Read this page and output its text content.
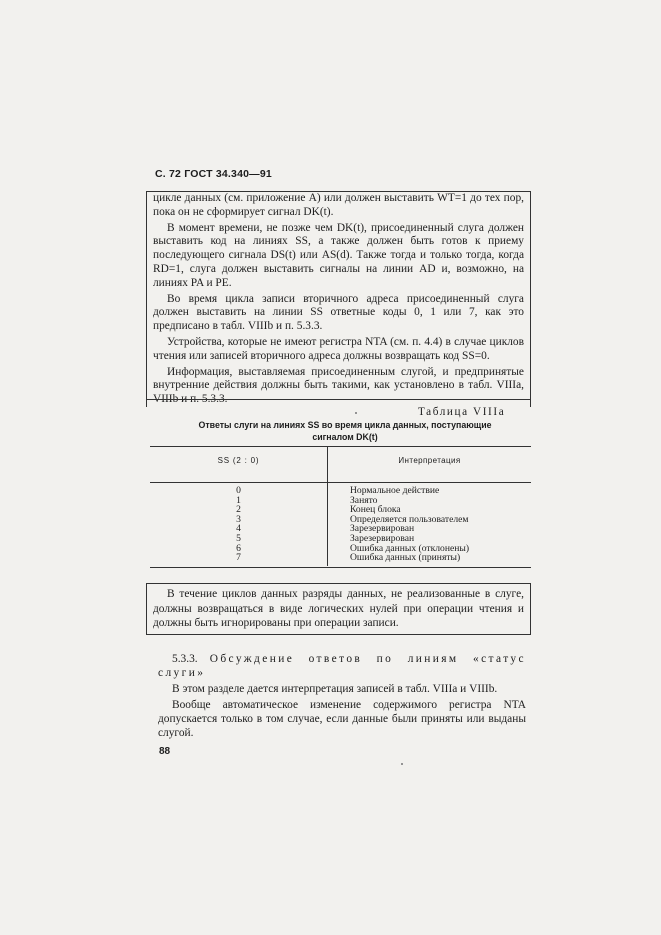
С. 72 ГОСТ 34.340—91

цикле данных (см. приложение А) или должен выставить WT=1 до тех пор, пока он не сформирует сигнал DK(t).

В момент времени, не позже чем DK(t), присоединенный слуга должен выставить код на линиях SS, а также должен быть готов к приему последующего сигнала DS(t) или AS(d). Также тогда и только тогда, когда RD=1, слуга должен выставить сигналы на линии AD и, возможно, на линиях PA и PE.

Во время цикла записи вторичного адреса присоединенный слуга должен выставить на линии SS ответные коды 0, 1 или 7, как это предписано в табл. VIIIb и п. 5.3.3.

Устройства, которые не имеют регистра NTA (см. п. 4.4) в случае циклов чтения или записей вторичного адреса должны возвращать код SS=0.

Информация, выставляемая присоединенным слугой, и предпринятые внутренние действия должны быть такими, как установлено в табл. VIIIa, VIIIb и п. 5.3.3.

Таблица VIIIa
Ответы слуги на линиях SS во время цикла данных, поступающие
сигналом DK(t)
SS (2 : 0)	Интерпретация
0	Нормальное действие
1	Занято
2	Конец блока
3	Определяется пользователем
4	Зарезервирован
5	Зарезервирован
6	Ошибка данных (отклонены)
7	Ошибка данных (приняты)

В течение циклов данных разряды данных, не реализованные в слуге, должны возвращаться в виде логических нулей при операции чтения и должны быть игнорированы при операции записи.

5.3.3. Обсуждение ответов по линиям «статус слуги»

В этом разделе дается интерпретация записей в табл. VIIIa и VIIIb.

Вообще автоматическое изменение содержимого регистра NTA допускается только в том случае, если данные были приняты или выданы слугой.

88
